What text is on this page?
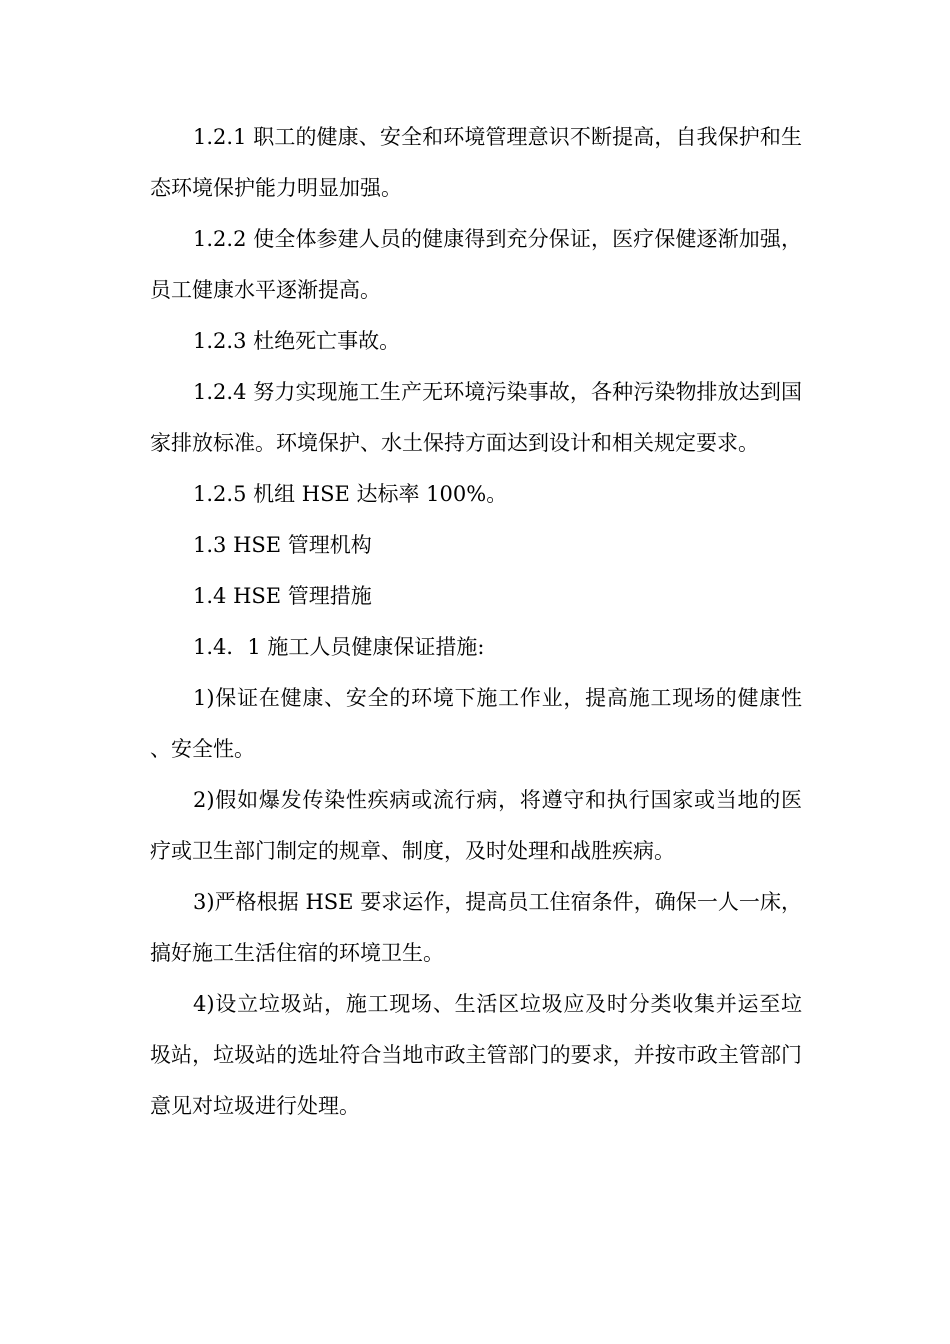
1.2.1 职工的健康、安全和环境管理意识不断提高，自我保护和生态环境保护能力明显加强。

1.2.2 使全体参建人员的健康得到充分保证，医疗保健逐渐加强，员工健康水平逐渐提高。

1.2.3 杜绝死亡事故。

1.2.4 努力实现施工生产无环境污染事故，各种污染物排放达到国家排放标准。环境保护、水土保持方面达到设计和相关规定要求。

1.2.5 机组 HSE 达标率 100%。

1.3 HSE 管理机构

1.4 HSE 管理措施

1.4．1 施工人员健康保证措施:

1)保证在健康、安全的环境下施工作业，提高施工现场的健康性、安全性。

2)假如爆发传染性疾病或流行病，将遵守和执行国家或当地的医疗或卫生部门制定的规章、制度，及时处理和战胜疾病。

3)严格根据 HSE 要求运作，提高员工住宿条件，确保一人一床，搞好施工生活住宿的环境卫生。

4)设立垃圾站，施工现场、生活区垃圾应及时分类收集并运至垃圾站，垃圾站的选址符合当地市政主管部门的要求，并按市政主管部门意见对垃圾进行处理。
